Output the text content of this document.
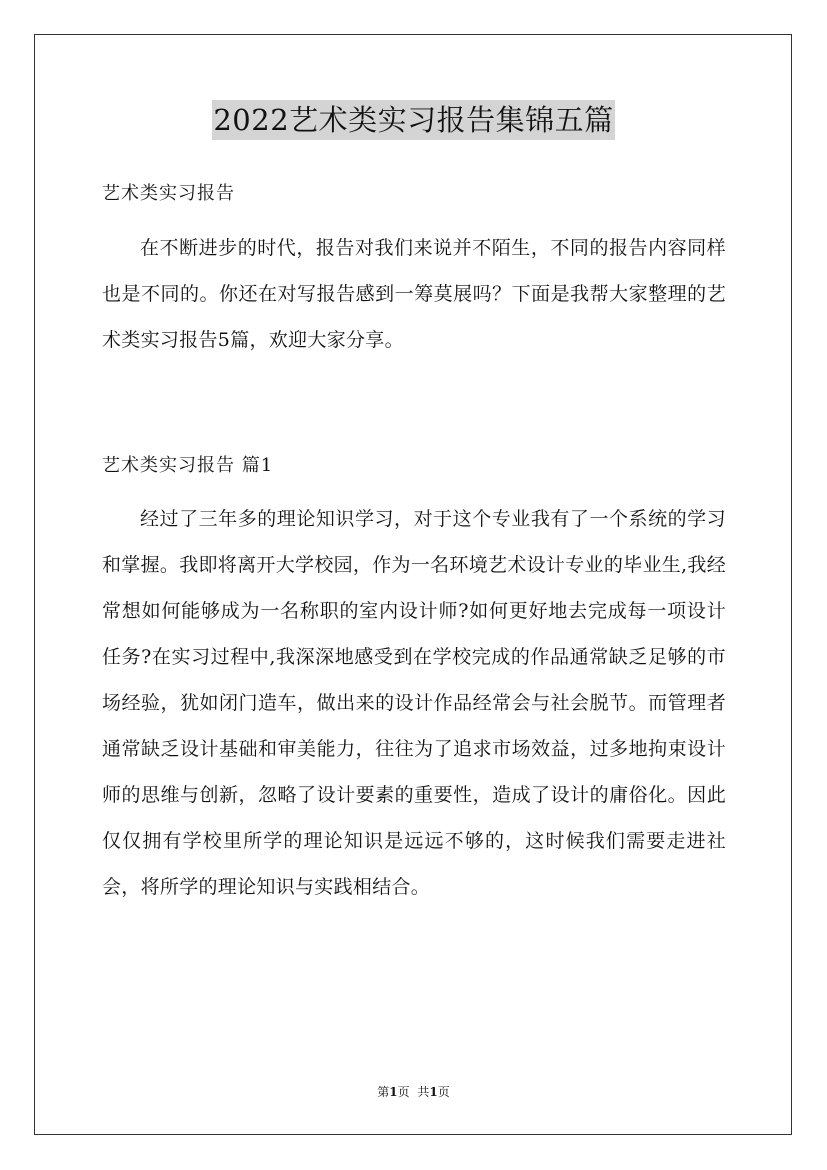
2022艺术类实习报告集锦五篇
艺术类实习报告

在不断进步的时代，报告对我们来说并不陌生，不同的报告内容同样也是不同的。你还在对写报告感到一筹莫展吗？下面是我帮大家整理的艺术类实习报告5篇，欢迎大家分享。

艺术类实习报告 篇1

经过了三年多的理论知识学习，对于这个专业我有了一个系统的学习和掌握。我即将离开大学校园，作为一名环境艺术设计专业的毕业生,我经常想如何能够成为一名称职的室内设计师?如何更好地去完成每一项设计任务?在实习过程中,我深深地感受到在学校完成的作品通常缺乏足够的市场经验，犹如闭门造车，做出来的设计作品经常会与社会脱节。而管理者通常缺乏设计基础和审美能力，往往为了追求市场效益，过多地拘束设计师的思维与创新，忽略了设计要素的重要性，造成了设计的庸俗化。因此仅仅拥有学校里所学的理论知识是远远不够的，这时候我们需要走进社会，将所学的理论知识与实践相结合。

第1页 共1页
